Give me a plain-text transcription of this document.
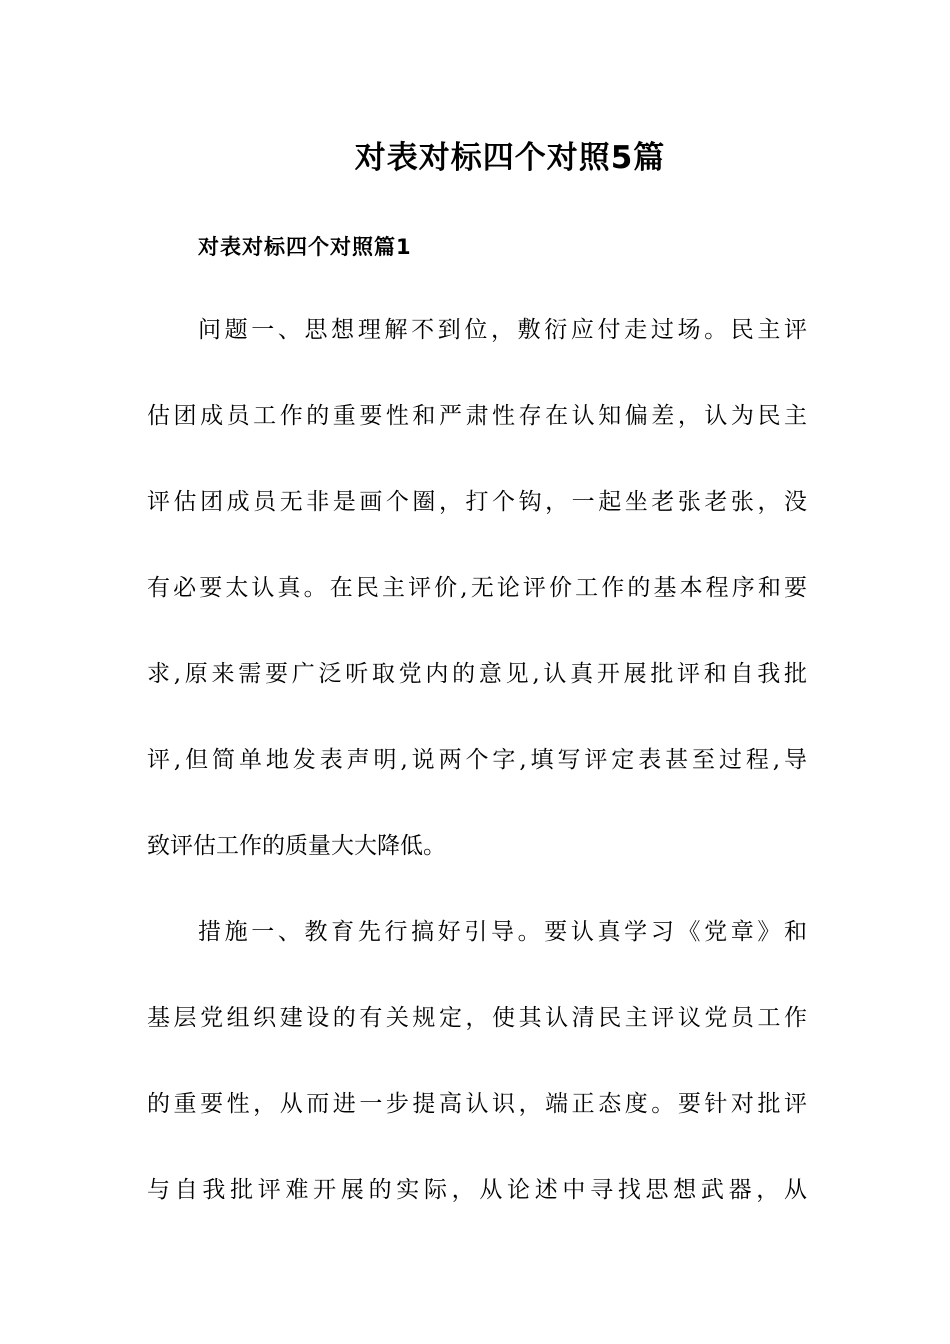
对表对标四个对照5篇
对表对标四个对照篇1
问题一、思想理解不到位，敷衍应付走过场。民主评
估团成员工作的重要性和严肃性存在认知偏差，认为民主
评估团成员无非是画个圈，打个钩，一起坐老张老张，没
有必要太认真。在民主评价,无论评价工作的基本程序和要
求,原来需要广泛听取党内的意见,认真开展批评和自我批
评,但简单地发表声明,说两个字,填写评定表甚至过程,导
致评估工作的质量大大降低。
措施一、教育先行搞好引导。要认真学习《党章》和
基层党组织建设的有关规定，使其认清民主评议党员工作
的重要性，从而进一步提高认识，端正态度。要针对批评
与自我批评难开展的实际，从论述中寻找思想武器，从
